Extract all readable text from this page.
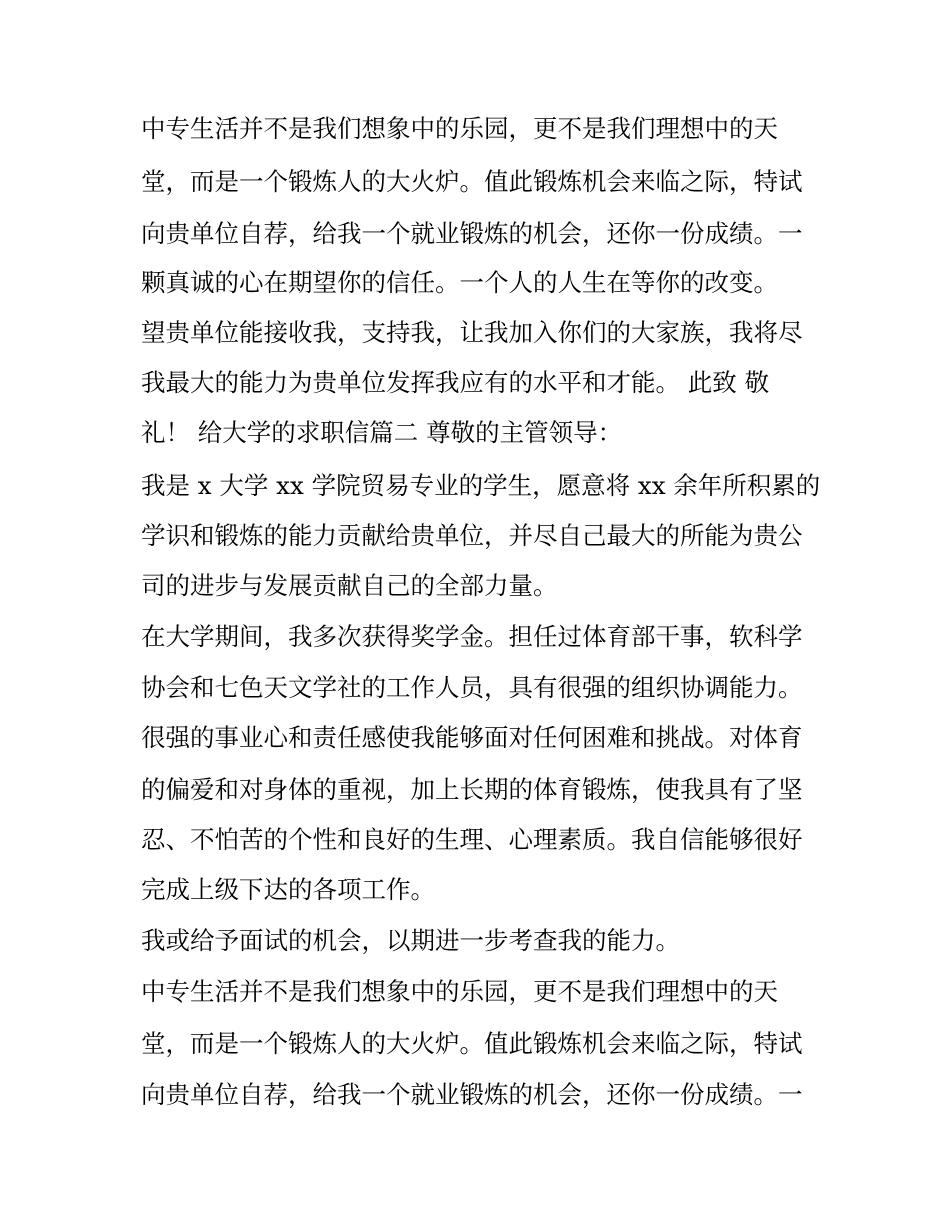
中专生活并不是我们想象中的乐园，更不是我们理想中的天
堂，而是一个锻炼人的大火炉。值此锻炼机会来临之际，特试
向贵单位自荐，给我一个就业锻炼的机会，还你一份成绩。一
颗真诚的心在期望你的信任。一个人的人生在等你的改变。
望贵单位能接收我，支持我，让我加入你们的大家族，我将尽
我最大的能力为贵单位发挥我应有的水平和才能。 此致 敬
礼！ 给大学的求职信篇二 尊敬的主管领导：
我是 x 大学 xx 学院贸易专业的学生，愿意将 xx 余年所积累的
学识和锻炼的能力贡献给贵单位，并尽自己最大的所能为贵公
司的进步与发展贡献自己的全部力量。
在大学期间，我多次获得奖学金。担任过体育部干事，软科学
协会和七色天文学社的工作人员，具有很强的组织协调能力。
很强的事业心和责任感使我能够面对任何困难和挑战。对体育
的偏爱和对身体的重视，加上长期的体育锻炼，使我具有了坚
忍、不怕苦的个性和良好的生理、心理素质。我自信能够很好
完成上级下达的各项工作。
我或给予面试的机会，以期进一步考查我的能力。
中专生活并不是我们想象中的乐园，更不是我们理想中的天
堂，而是一个锻炼人的大火炉。值此锻炼机会来临之际，特试
向贵单位自荐，给我一个就业锻炼的机会，还你一份成绩。一
